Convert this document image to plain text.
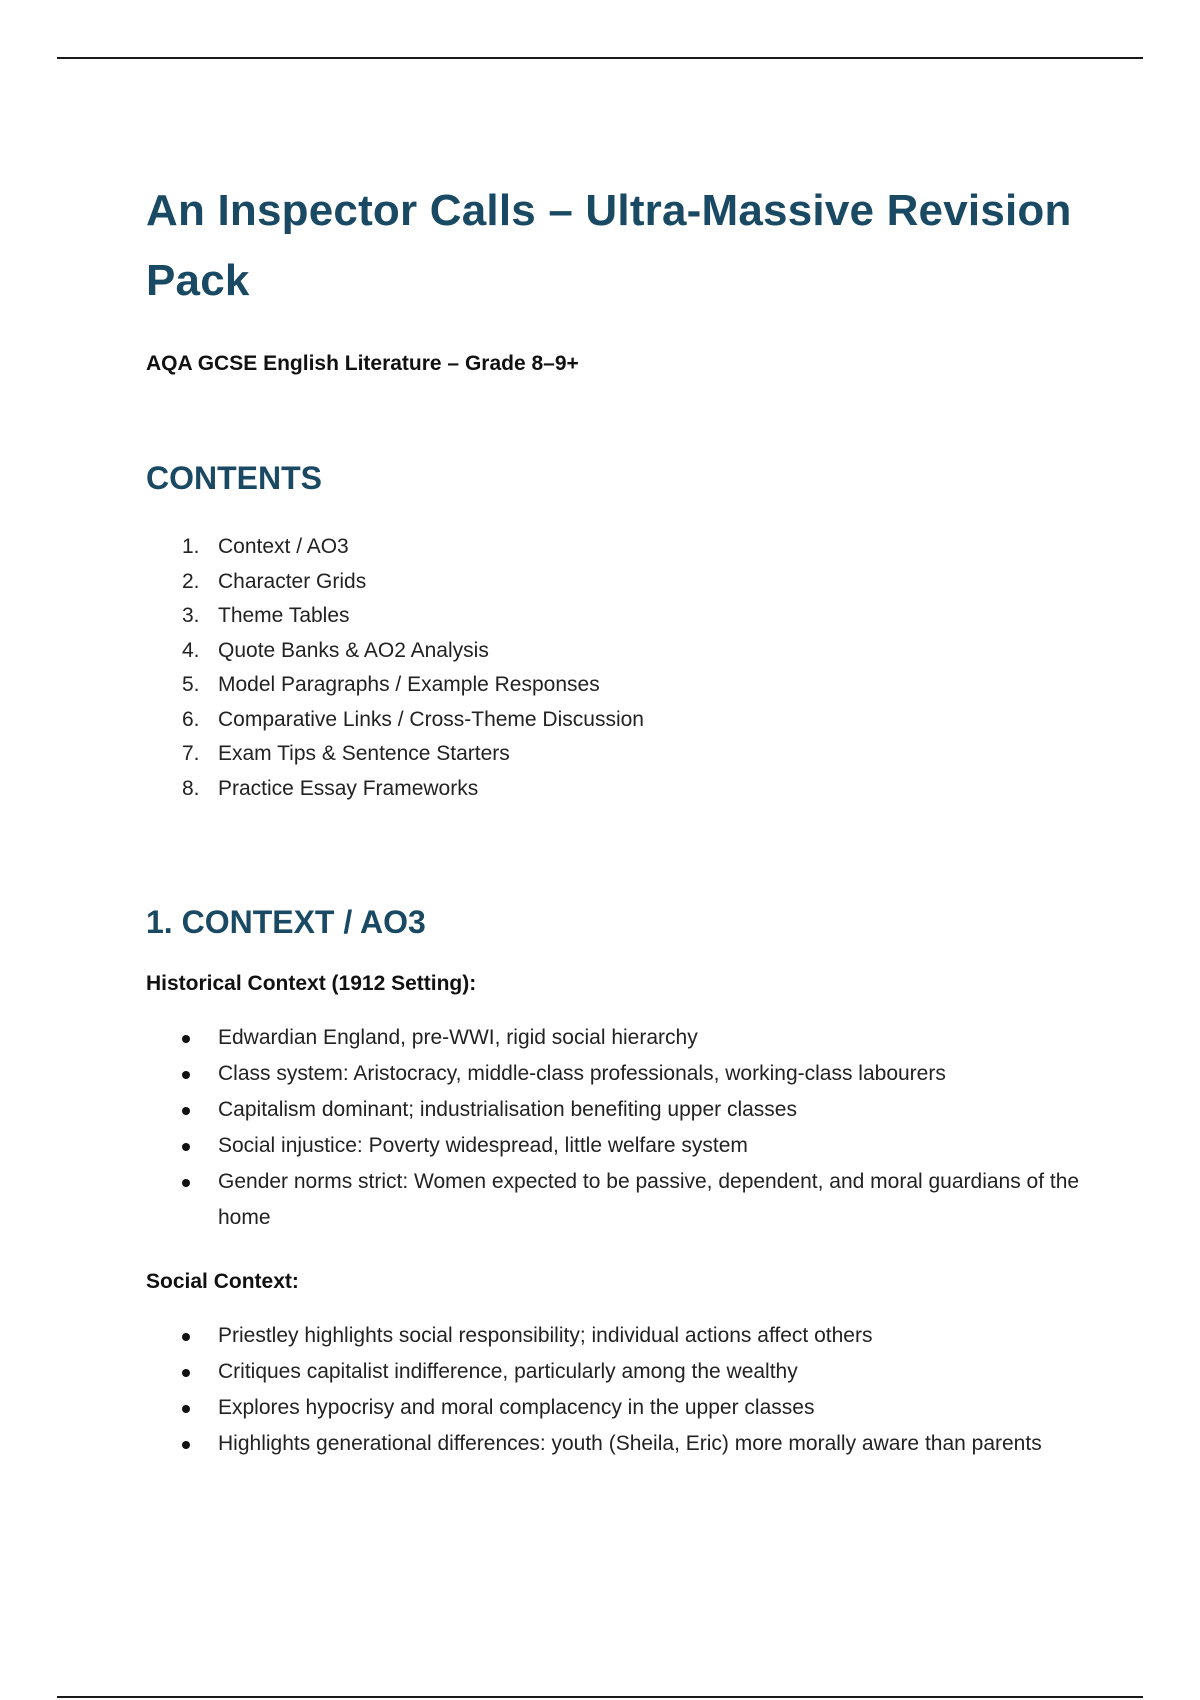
An Inspector Calls – Ultra-Massive Revision Pack
AQA GCSE English Literature – Grade 8–9+
CONTENTS
1. Context / AO3
2. Character Grids
3. Theme Tables
4. Quote Banks & AO2 Analysis
5. Model Paragraphs / Example Responses
6. Comparative Links / Cross-Theme Discussion
7. Exam Tips & Sentence Starters
8. Practice Essay Frameworks
1. CONTEXT / AO3
Historical Context (1912 Setting):
Edwardian England, pre-WWI, rigid social hierarchy
Class system: Aristocracy, middle-class professionals, working-class labourers
Capitalism dominant; industrialisation benefiting upper classes
Social injustice: Poverty widespread, little welfare system
Gender norms strict: Women expected to be passive, dependent, and moral guardians of the home
Social Context:
Priestley highlights social responsibility; individual actions affect others
Critiques capitalist indifference, particularly among the wealthy
Explores hypocrisy and moral complacency in the upper classes
Highlights generational differences: youth (Sheila, Eric) more morally aware than parents
